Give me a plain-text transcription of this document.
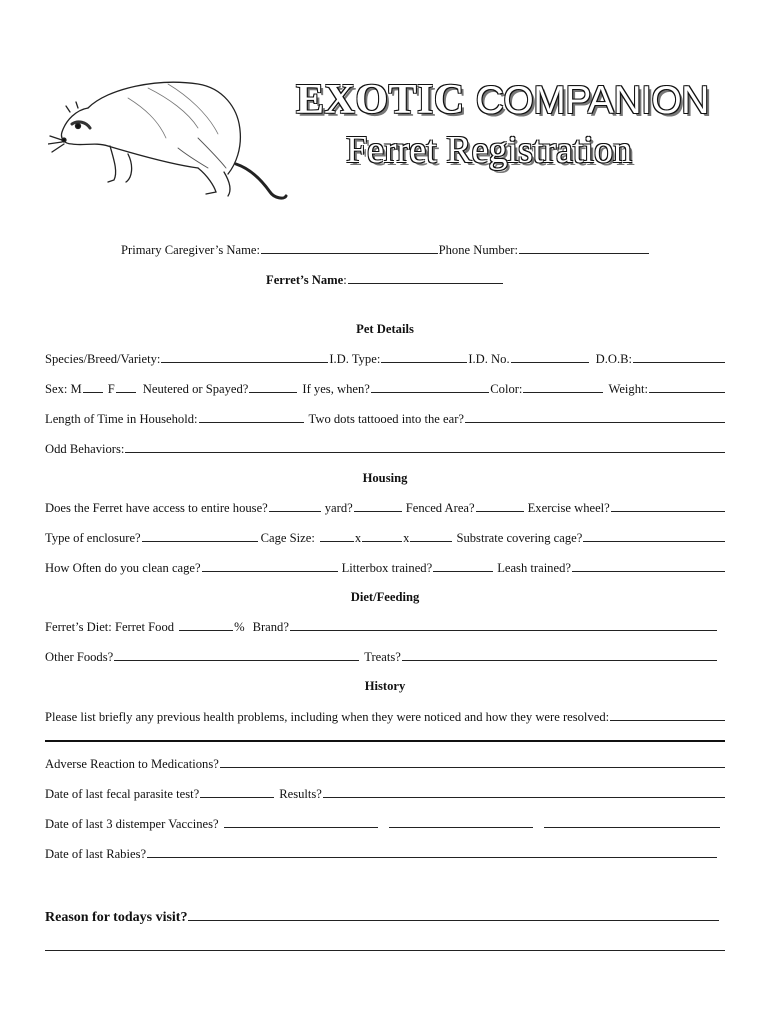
EXOTIC COMPANION
Ferret Registration
Primary Caregiver’s Name:	Phone Number:
Ferret’s Name :
Pet Details
Species/Breed/Variety:	I.D. Type:	I.D. No.	D.O.B:
Sex: M F Neutered or Spayed?	If yes, when?	Color:	Weight:
Length of Time in Household:	Two dots tattooed into the ear?
Odd Behaviors:
Housing
Does the Ferret have access to entire house?	yard?	Fenced Area?	Exercise wheel?
Type of enclosure?	Cage Size:	x	x	Substrate covering cage?
How Often do you clean cage?	Litterbox trained?	Leash trained?
Diet/Feeding
Ferret’s Diet: Ferret Food	% Brand?
Other Foods?	Treats?
History
Please list briefly any previous health problems, including when they were noticed and how they were resolved:
Adverse Reaction to Medications?
Date of last fecal parasite test?	Results?
Date of last 3 distemper Vaccines?
Date of last Rabies?
Reason for todays visit?
